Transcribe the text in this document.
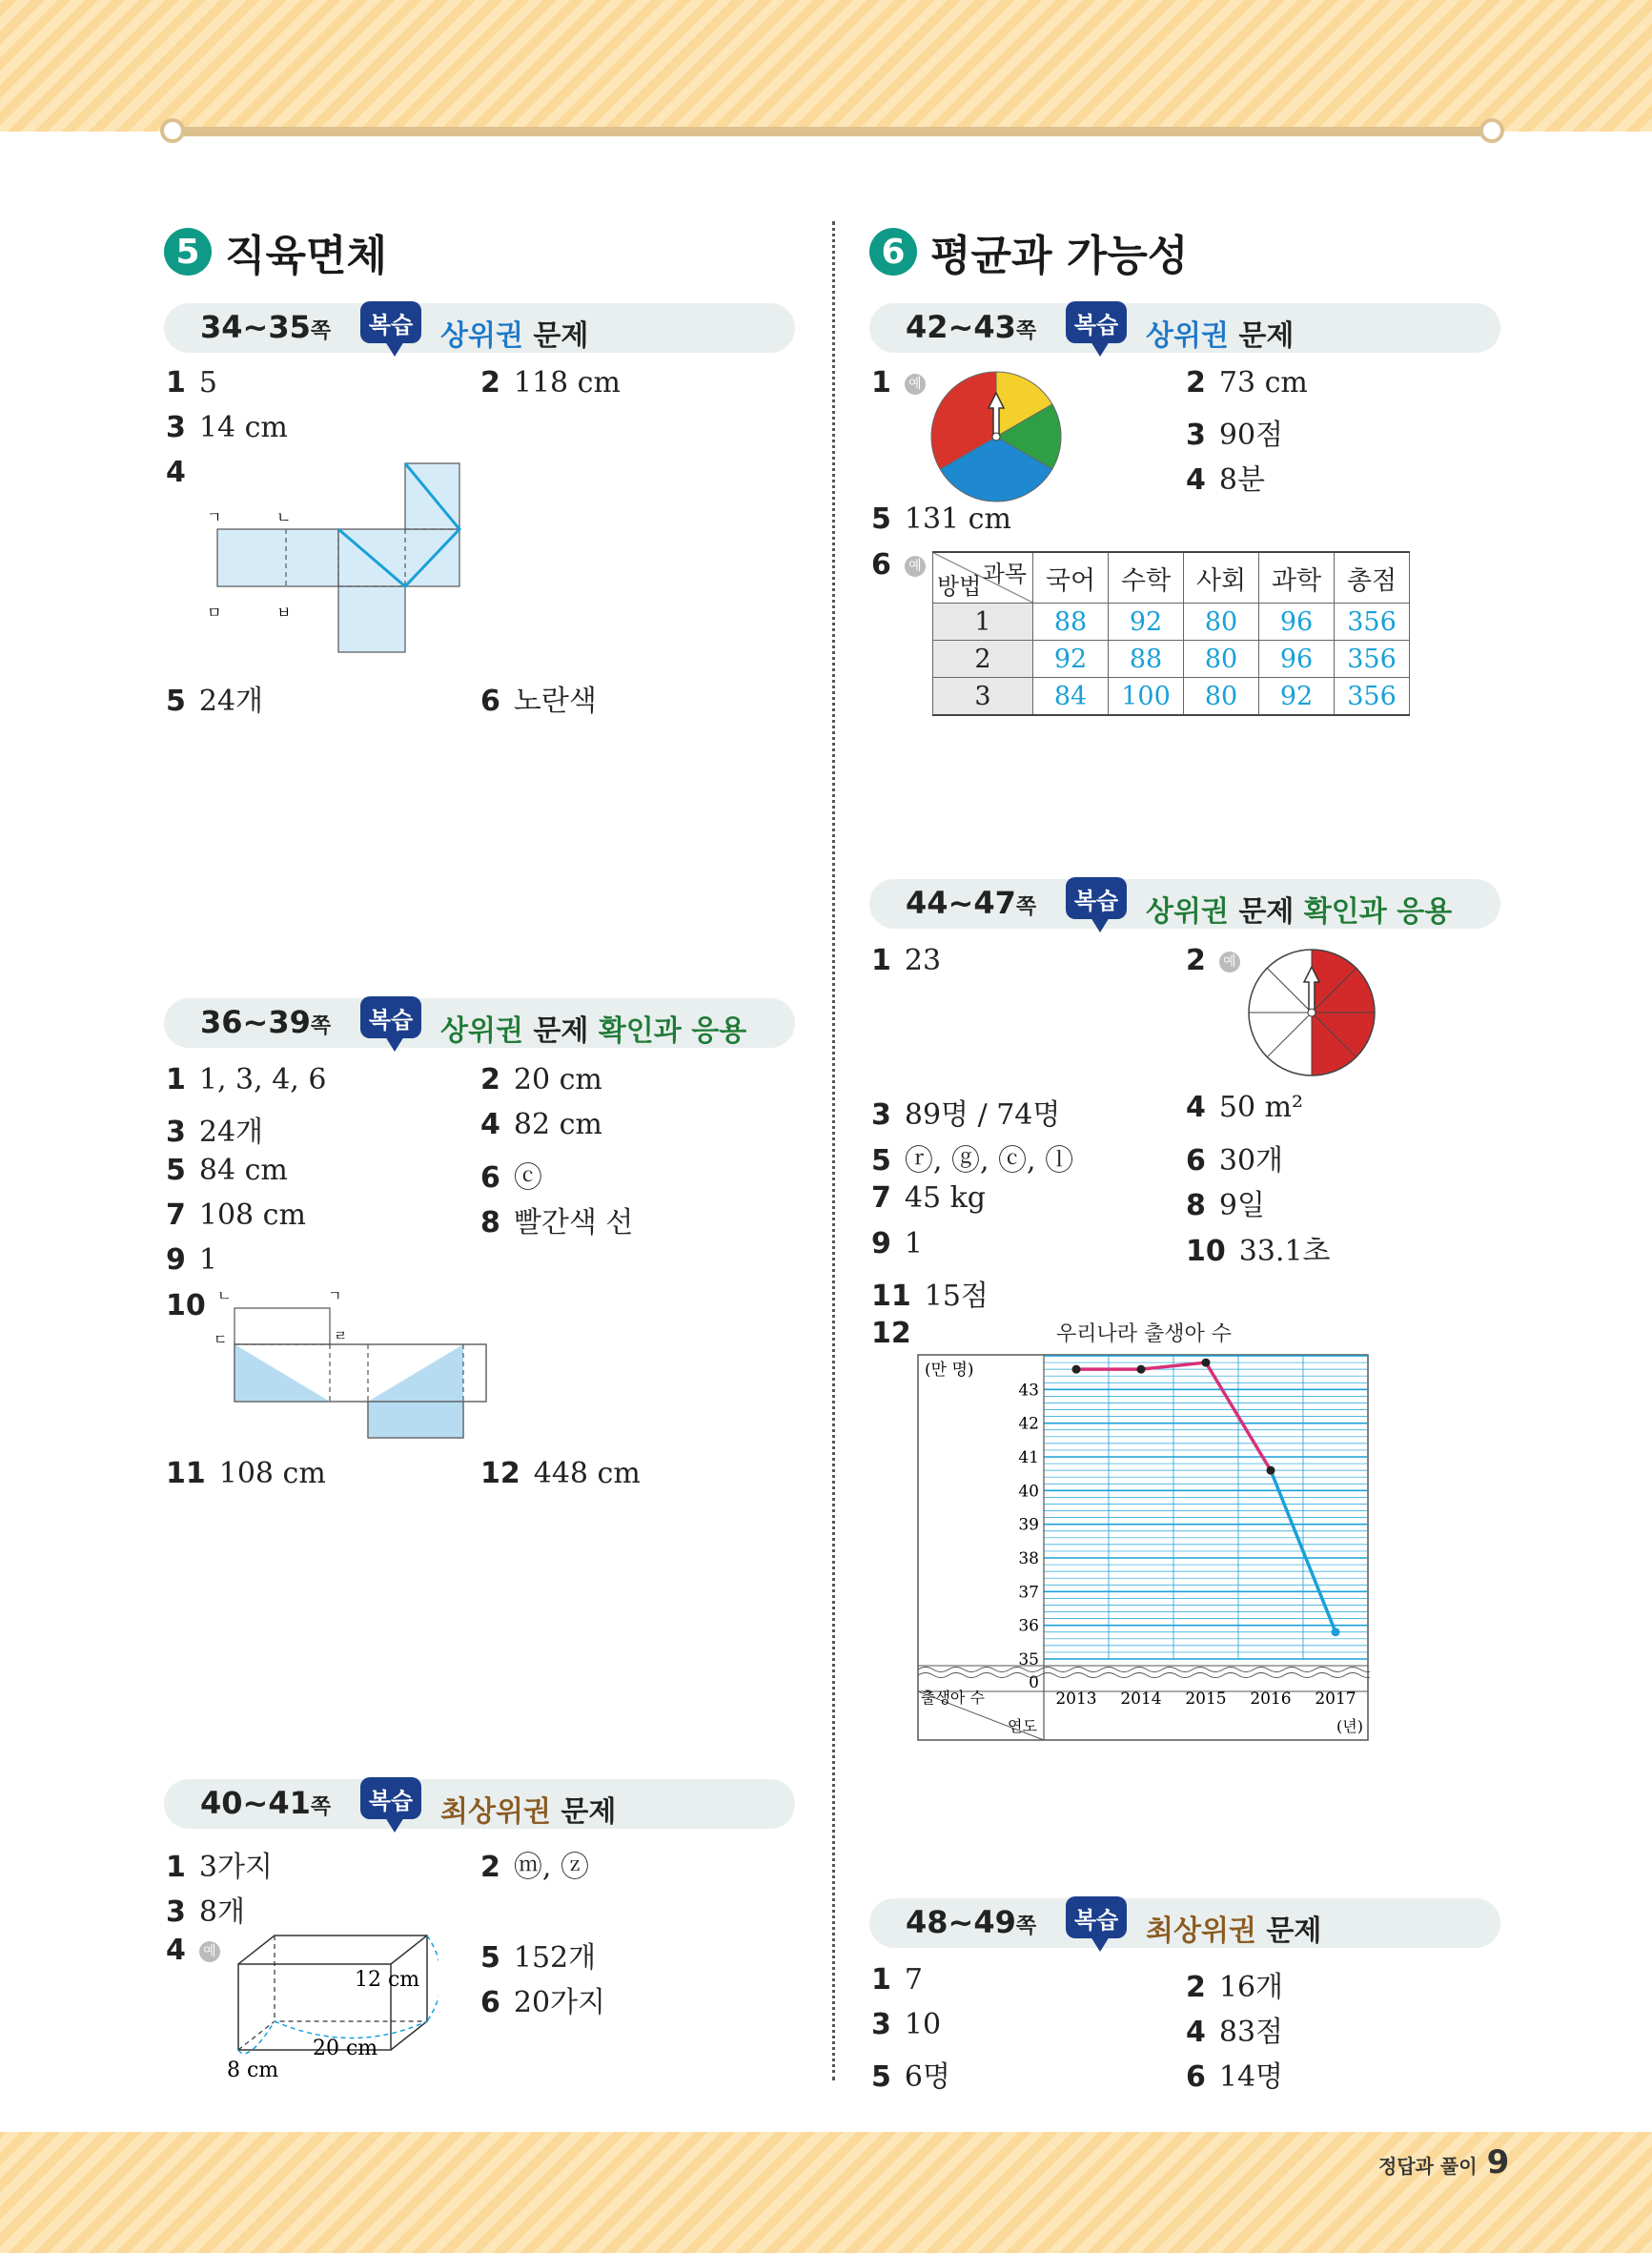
5 직육면체	6 평균과 가능성
34~35쪽	복습 상위권 문제
36~39쪽	복습 상위권 문제 확인과 응용
40~41쪽	복습 최상위권 문제
42~43쪽	복습 상위권 문제
44~47쪽	복습 상위권 문제 확인과 응용
48~49쪽	복습 최상위권 문제
1 5	2 118 cm
3 14 cm
4
ㄱ	ㄴ
ㅁ	ㅂ
5 24개	6 노란색
1 1, 3, 4, 6	2 20 cm
3 24개	4 82 cm
5 84 cm	6 ⓒ
7 108 cm	8 빨간색 선
9 1
10 ㄴ	ㄱ
ㄷ	ㄹ
11 108 cm	12 448 cm
1 3가지	2 ⓜ, ⓩ
3 8개
4 예
12 cm
20 cm
8 cm
5 152개
6 20가지
1 예	2 73 cm
3 90점
4 8분
5 131 cm
6 예	과목
방법	국어	수학	사회	과학	총점
1	88	92	80	96	356
2	92	88	80	96	356
3	84	100	80	92	356
1 23	2 예
3 89명 / 74명	4 50 m²
5 ⓡ, ⓖ, ⓒ, ⓛ	6 30개
7 45 kg	8 9일
9 1	10 33.1초
11 15점
12	우리나라 출생아 수
(만 명)
출생아 수
연도	(년)
0
35
36
37
38
39
40
41
42
43
2013 2014 2015 2016 2017
1 7	2 16개
3 10	4 83점
5 6명	6 14명
정답과 풀이 9
